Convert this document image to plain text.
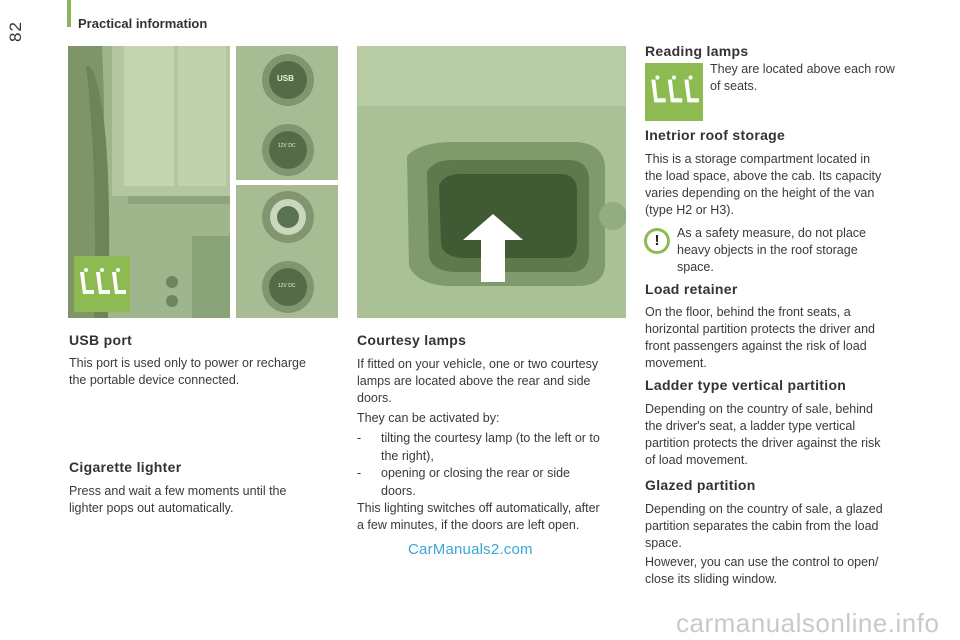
82	Practical information
USB
12V DC
12V DC
USB port
This port is used only to power or recharge
the portable device connected.
Cigarette lighter
Press and wait a few moments until the
lighter pops out automatically.
Courtesy lamps
If fitted on your vehicle, one or two courtesy
lamps are located above the rear and side
doors.
They can be activated by:
- tilting the courtesy lamp (to the left or to
the right),
- opening or closing the rear or side
doors.
This lighting switches off automatically, after
a few minutes, if the doors are left open.
Reading lamps
They are located above each row
of seats.
Inetrior roof storage
This is a storage compartment located in
the load space, above the cab. Its capacity
varies depending on the height of the van
(type H2 or H3).
!	As a safety measure, do not place
heavy objects in the roof storage
space.
Load retainer
On the floor, behind the front seats, a
horizontal partition protects the driver and
front passengers against the risk of load
movement.
Ladder type vertical partition
Depending on the country of sale, behind
the driver's seat, a ladder type vertical
partition protects the driver against the risk
of load movement.
Glazed partition
Depending on the country of sale, a glazed
partition separates the cabin from the load
space.
However, you can use the control to open/
close its sliding window.
CarManuals2.com
carmanualsonline.info
